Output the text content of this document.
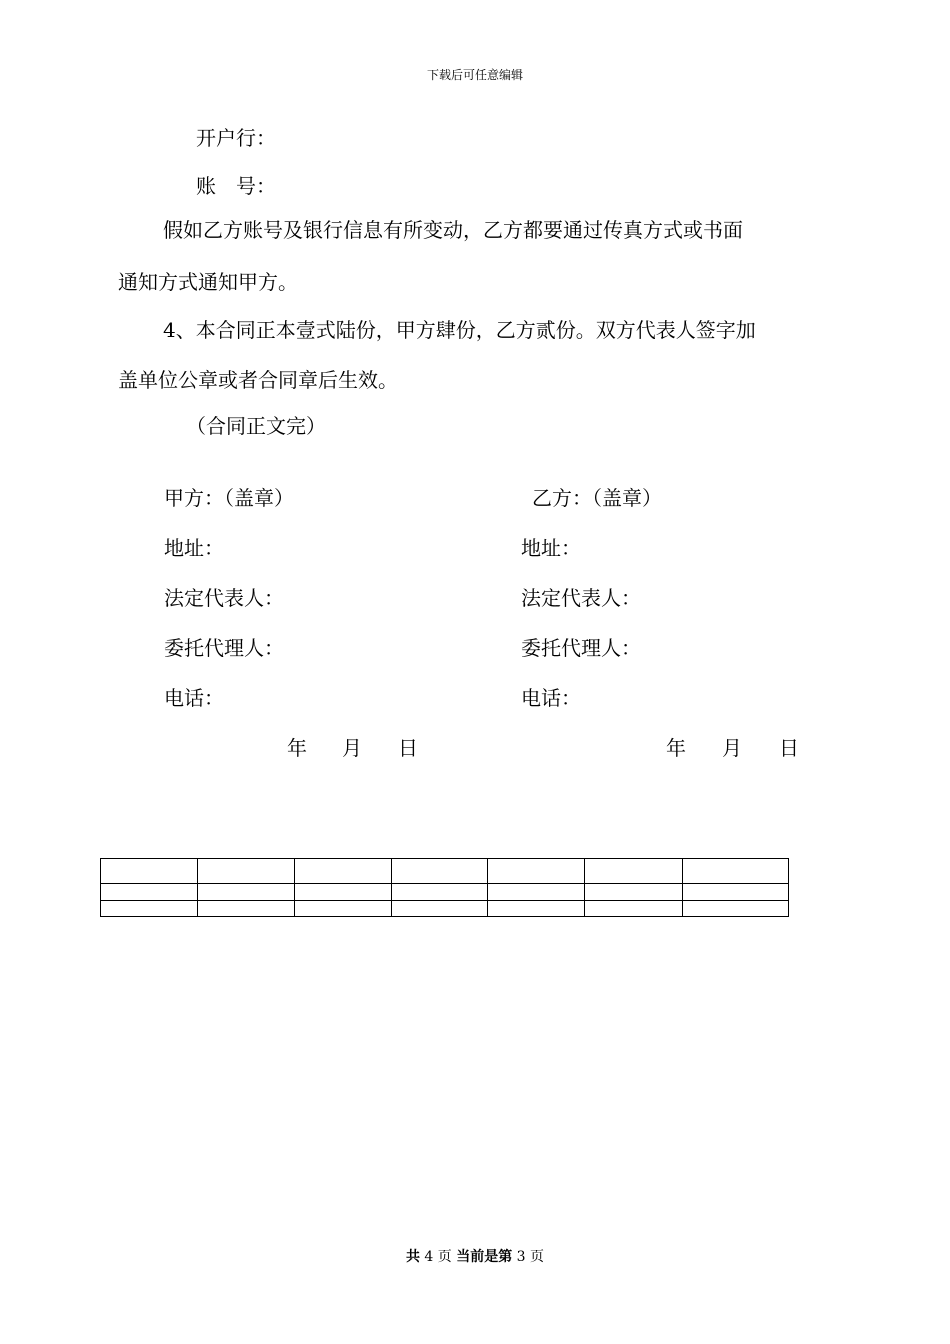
下载后可任意编辑
开户行：
账　号：
假如乙方账号及银行信息有所变动，乙方都要通过传真方式或书面
通知方式通知甲方。
4、本合同正本壹式陆份，甲方肆份，乙方贰份。双方代表人签字加
盖单位公章或者合同章后生效。
（合同正文完）
甲方：（盖章）
地址：
法定代表人：
委托代理人：
电话：
年 月 日
乙方：（盖章）
地址：
法定代表人：
委托代理人：
电话：
年 月 日

共 4 页 当前是第 3 页
